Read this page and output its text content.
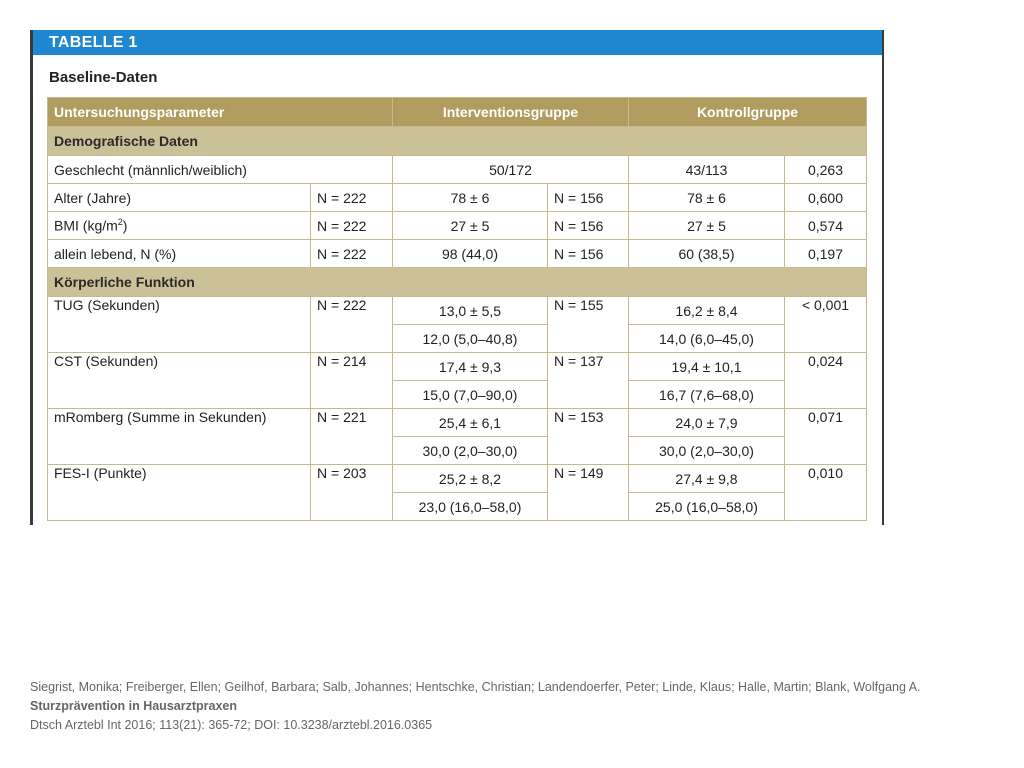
TABELLE 1
Baseline-Daten
Untersuchungsparameter		Interventionsgruppe		Kontrollgruppe	
Demografische Daten					
Geschlecht (männlich/weiblich)		50/172		43/113	0,263
Alter (Jahre)	N = 222	78 ± 6	N = 156	78 ± 6	0,600
BMI $(kg/m^2)$	N = 222	27 ± 5	N = 156	27 ± 5	0,574
allein lebend, N (%)	N = 222	98 (44,0)	N = 156	60 (38,5)	0,197
Körperliche Funktion					
TUG (Sekunden)	N = 222	13,0 ± 5,5	N = 155	16,2 ± 8,4	< 0,001
		12,0 (5,0–40,8)		14,0 (6,0–45,0)	
CST (Sekunden)	N = 214	17,4 ± 9,3	N = 137	19,4 ± 10,1	0,024
		15,0 (7,0–90,0)		16,7 (7,6–68,0)	
mRomberg (Summe in Sekunden)	N = 221	25,4 ± 6,1	N = 153	24,0 ± 7,9	0,071
		30,0 (2,0–30,0)		30,0 (2,0–30,0)	
FES-I (Punkte)	N = 203	25,2 ± 8,2	N = 149	27,4 ± 9,8	0,010
		23,0 (16,0–58,0)		25,0 (16,0–58,0)	
Siegrist, Monika; Freiberger, Ellen; Geilhof, Barbara; Salb, Johannes; Hentschke, Christian; Landendoerfer, Peter; Linde, Klaus; Halle, Martin; Blank, Wolfgang A.
Sturzprävention in Hausarztpraxen
Dtsch Arztebl Int 2016; 113(21): 365-72; DOI: 10.3238/arztebl.2016.0365
